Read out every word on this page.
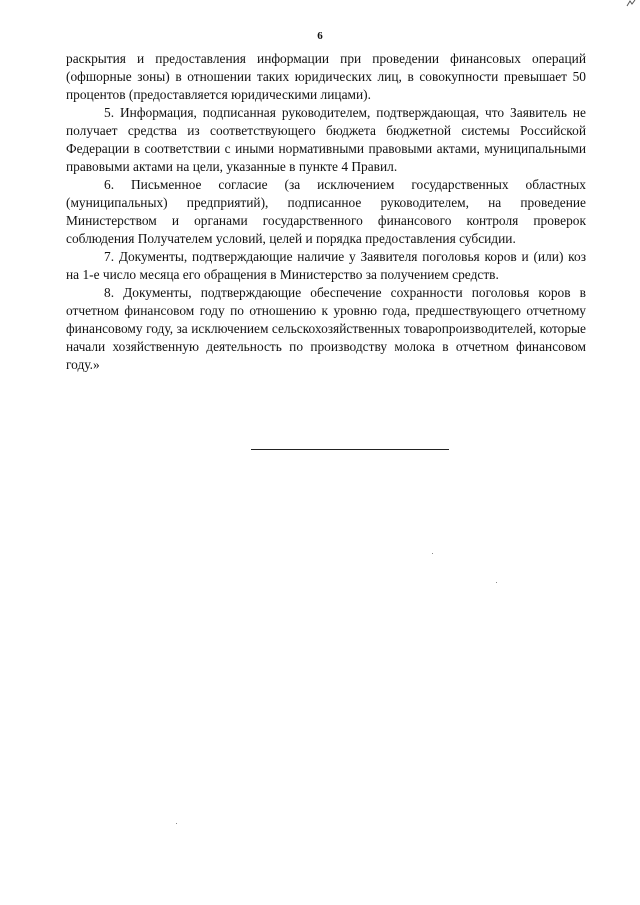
6

раскрытия и предоставления информации при проведении финансовых операций (офшорные зоны) в отношении таких юридических лиц, в совокупности превышает 50 процентов (предоставляется юридическими лицами).

5. Информация, подписанная руководителем, подтверждающая, что Заявитель не получает средства из соответствующего бюджета бюджетной системы Российской Федерации в соответствии с иными нормативными правовыми актами, муниципальными правовыми актами на цели, указанные в пункте 4 Правил.

6. Письменное согласие (за исключением государственных областных (муниципальных) предприятий), подписанное руководителем, на проведение Министерством и органами государственного финансового контроля проверок соблюдения Получателем условий, целей и порядка предоставления субсидии.

7. Документы, подтверждающие наличие у Заявителя поголовья коров и (или) коз на 1-е число месяца его обращения в Министерство за получением средств.

8. Документы, подтверждающие обеспечение сохранности поголовья коров в отчетном финансовом году по отношению к уровню года, предшествующего отчетному финансовому году, за исключением сельскохозяйственных товаропроизводителей, которые начали хозяйственную деятельность по производству молока в отчетном финансовом году.»
